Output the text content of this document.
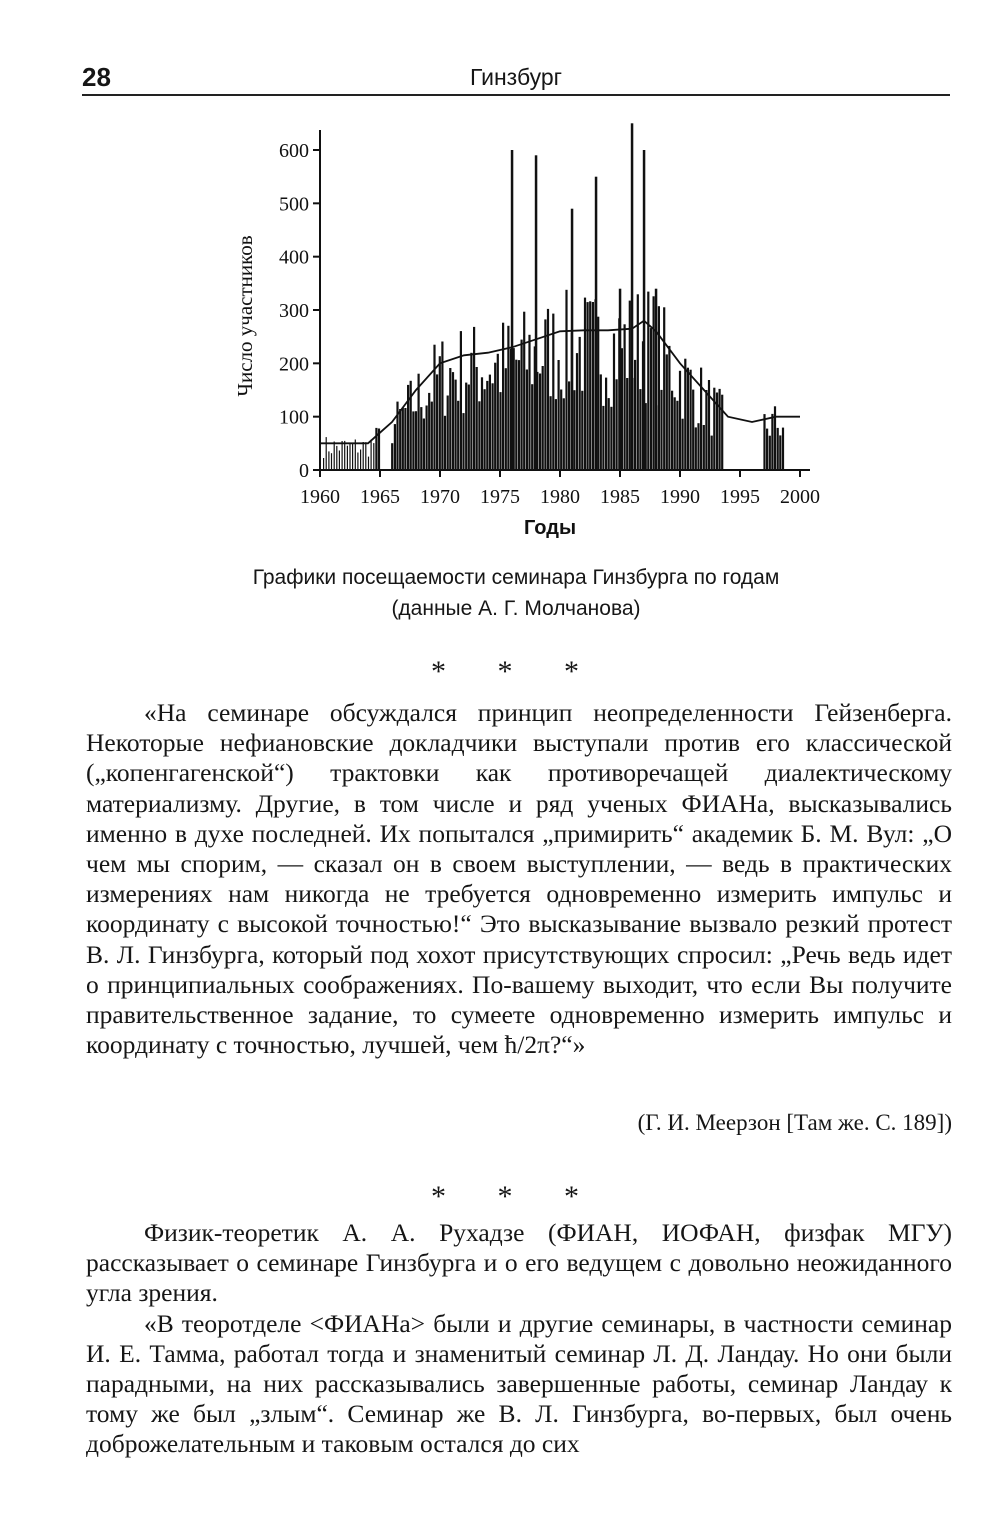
28	Гинзбург
0
100
200
300
400
500
600
1960 1965 1970 1975 1980 1985 1990 1995 2000
Число участников
Годы
Графики посещаемости семинара Гинзбурга по годам
(данные А. Г. Молчанова)
* * *

«На семинаре обсуждался принцип неопределенности Гейзенберга. Некоторые нефиановские докладчики выступали против его классической („копенгагенской“) трактовки как противоречащей диалектическому материализму. Другие, в том числе и ряд ученых ФИАНа, высказывались именно в духе последней. Их попытался „примирить“ академик Б. М. Вул: „О чем мы спорим, — сказал он в своем выступлении, — ведь в практических измерениях нам никогда не требуется одновременно измерить импульс и координату с высокой точностью!“ Это высказывание вызвало резкий протест В. Л. Гинзбурга, который под хохот присутствующих спросил: „Речь ведь идет о принципиальных соображениях. По-вашему выходит, что если Вы получите правительственное задание, то сумеете одновременно измерить импульс и координату с точностью, лучшей, чем ħ/2π?“»

(Г. И. Меерзон [Там же. С. 189])
* * *

Физик-теоретик А. А. Рухадзе (ФИАН, ИОФАН, физфак МГУ) рассказывает о семинаре Гинзбурга и о его ведущем с довольно неожиданного угла зрения.

«В теоротделе <ФИАНа> были и другие семинары, в частности семинар И. Е. Тамма, работал тогда и знаменитый семинар Л. Д. Ландау. Но они были парадными, на них рассказывались завершенные работы, семинар Ландау к тому же был „злым“. Семинар же В. Л. Гинзбурга, во-первых, был очень доброжелательным и таковым остался до сих
